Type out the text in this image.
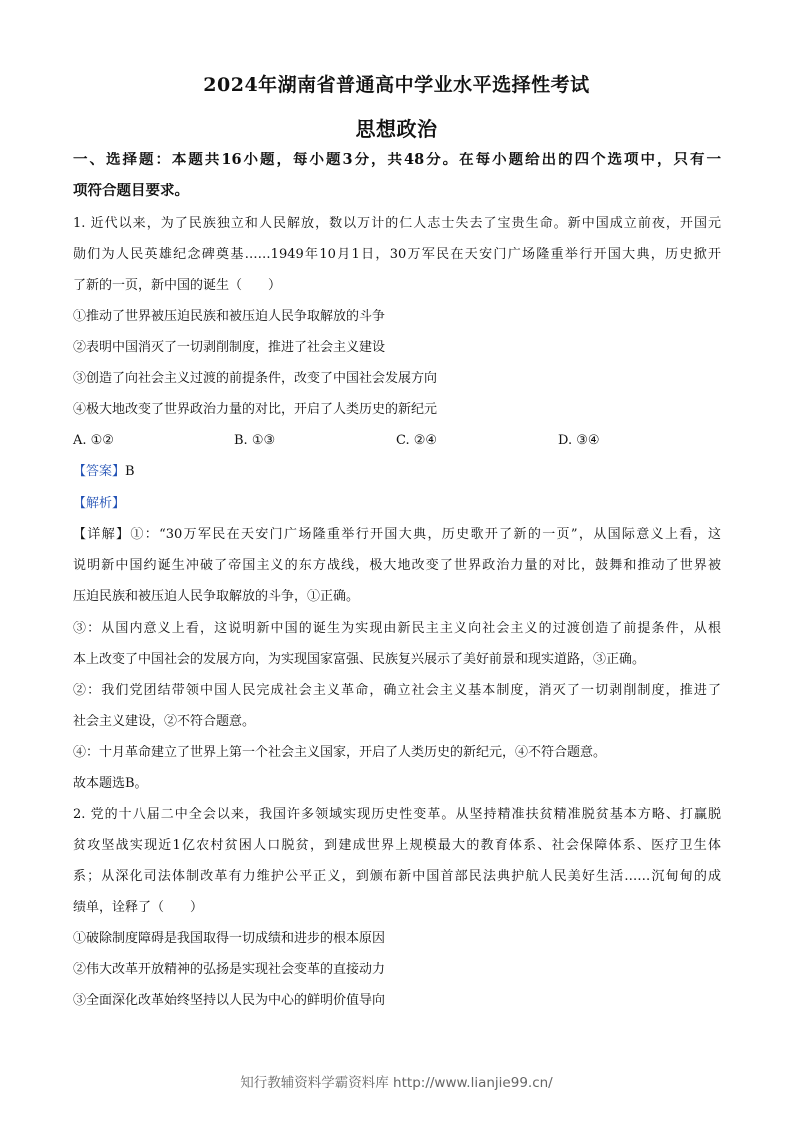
2024年湖南省普通高中学业水平选择性考试
思想政治
一、选择题：本题共16小题，每小题3分，共48分。在每小题给出的四个选项中，只有一
项符合题目要求。
1. 近代以来，为了民族独立和人民解放，数以万计的仁人志士失去了宝贵生命。新中国成立前夜，开国元
勋们为人民英雄纪念碑奠基……1949年10月1日，30万军民在天安门广场隆重举行开国大典，历史掀开
了新的一页，新中国的诞生（　　）
①推动了世界被压迫民族和被压迫人民争取解放的斗争
②表明中国消灭了一切剥削制度，推进了社会主义建设
③创造了向社会主义过渡的前提条件，改变了中国社会发展方向
④极大地改变了世界政治力量的对比，开启了人类历史的新纪元
A. ①②	B. ①③	C. ②④	D. ③④
【答案】B
【解析】
【详解】①：“30万军民在天安门广场隆重举行开国大典，历史歌开了新的一页”，从国际意义上看，这
说明新中国约诞生冲破了帝国主义的东方战线，极大地改变了世界政治力量的对比，鼓舞和推动了世界被
压迫民族和被压迫人民争取解放的斗争，①正确。
③：从国内意义上看，这说明新中国的诞生为实现由新民主主义向社会主义的过渡创造了前提条件，从根
本上改变了中国社会的发展方向，为实现国家富强、民族复兴展示了美好前景和现实道路，③正确。
②：我们党团结带领中国人民完成社会主义革命，确立社会主义基本制度，消灭了一切剥削制度，推进了
社会主义建设，②不符合题意。
④：十月革命建立了世界上第一个社会主义国家，开启了人类历史的新纪元，④不符合题意。
故本题选B。
2. 党的十八届二中全会以来，我国许多领域实现历史性变革。从坚持精准扶贫精准脱贫基本方略、打赢脱
贫攻坚战实现近1亿农村贫困人口脱贫，到建成世界上规模最大的教育体系、社会保障体系、医疗卫生体
系；从深化司法体制改革有力维护公平正义，到颁布新中国首部民法典护航人民美好生活……沉甸甸的成
绩单，诠释了（　　）
①破除制度障碍是我国取得一切成绩和进步的根本原因
②伟大改革开放精神的弘扬是实现社会变革的直接动力
③全面深化改革始终坚持以人民为中心的鲜明价值导向
知行教辅资料学霸资料库 http://www.lianjie99.cn/
